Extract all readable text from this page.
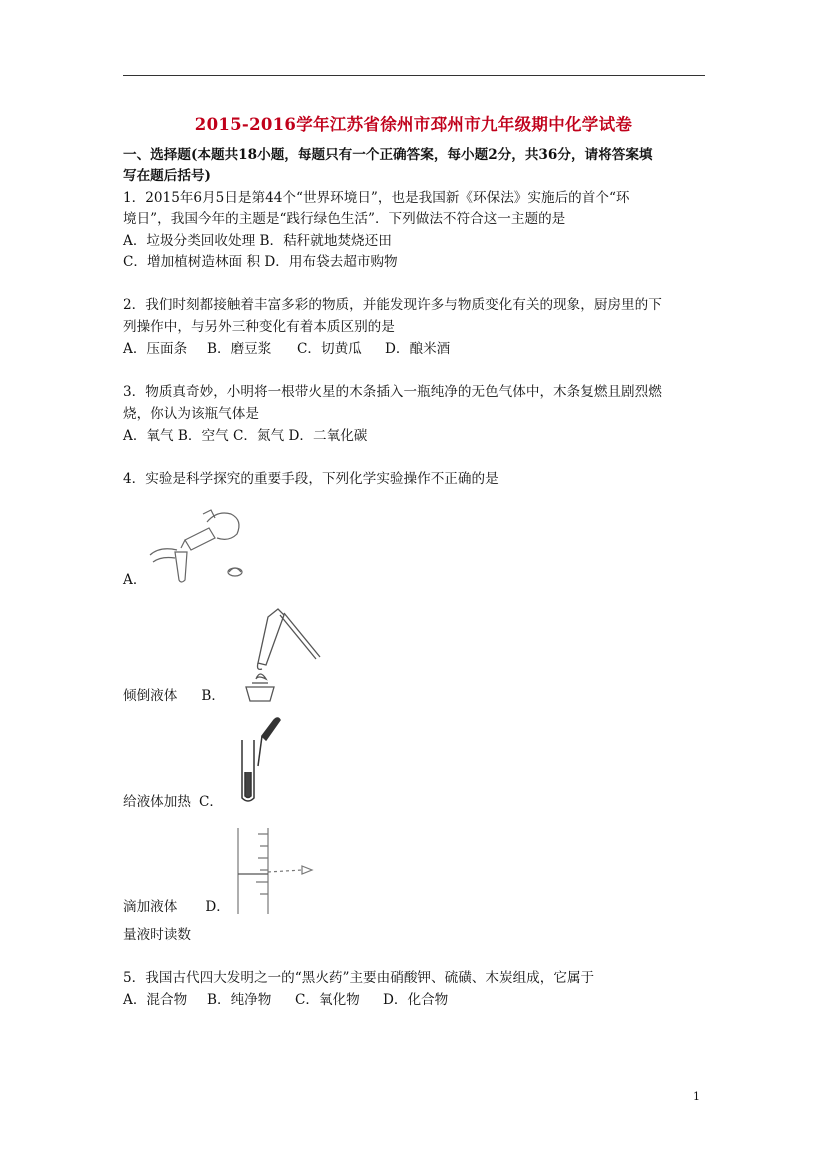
2015-2016学年江苏省徐州市邳州市九年级期中化学试卷
一、选择题(本题共18小题，每题只有一个正确答案，每小题2分，共36分，请将答案填
写在题后括号)
1．2015年6月5日是第44个“世界环境日”，也是我国新《环保法》实施后的首个“环
境日”，我国今年的主题是“践行绿色生活”．下列做法不符合这一主题的是
A．垃圾分类回收处理 B．秸秆就地焚烧还田
C．增加植树造林面 积 D．用布袋去超市购物
2．我们时刻都接触着丰富多彩的物质，并能发现许多与物质变化有关的现象，厨房里的下
列操作中，与另外三种变化有着本质区别的是
A．压面条 B．磨豆浆 C．切黄瓜 D．酿米酒
3．物质真奇妙，小明将一根带火星的木条插入一瓶纯净的无色气体中，木条复燃且剧烈燃
烧，你认为该瓶气体是
A．氧气 B．空气 C．氮气 D．二氧化碳
4．实验是科学探究的重要手段，下列化学实验操作不正确的是
A．
倾倒液体 B．
给液体加热 C．
滴加液体 D．
量液时读数
5．我国古代四大发明之一的“黑火药”主要由硝酸钾、硫磺、木炭组成，它属于
A．混合物 B．纯净物 C．氧化物 D．化合物
1
